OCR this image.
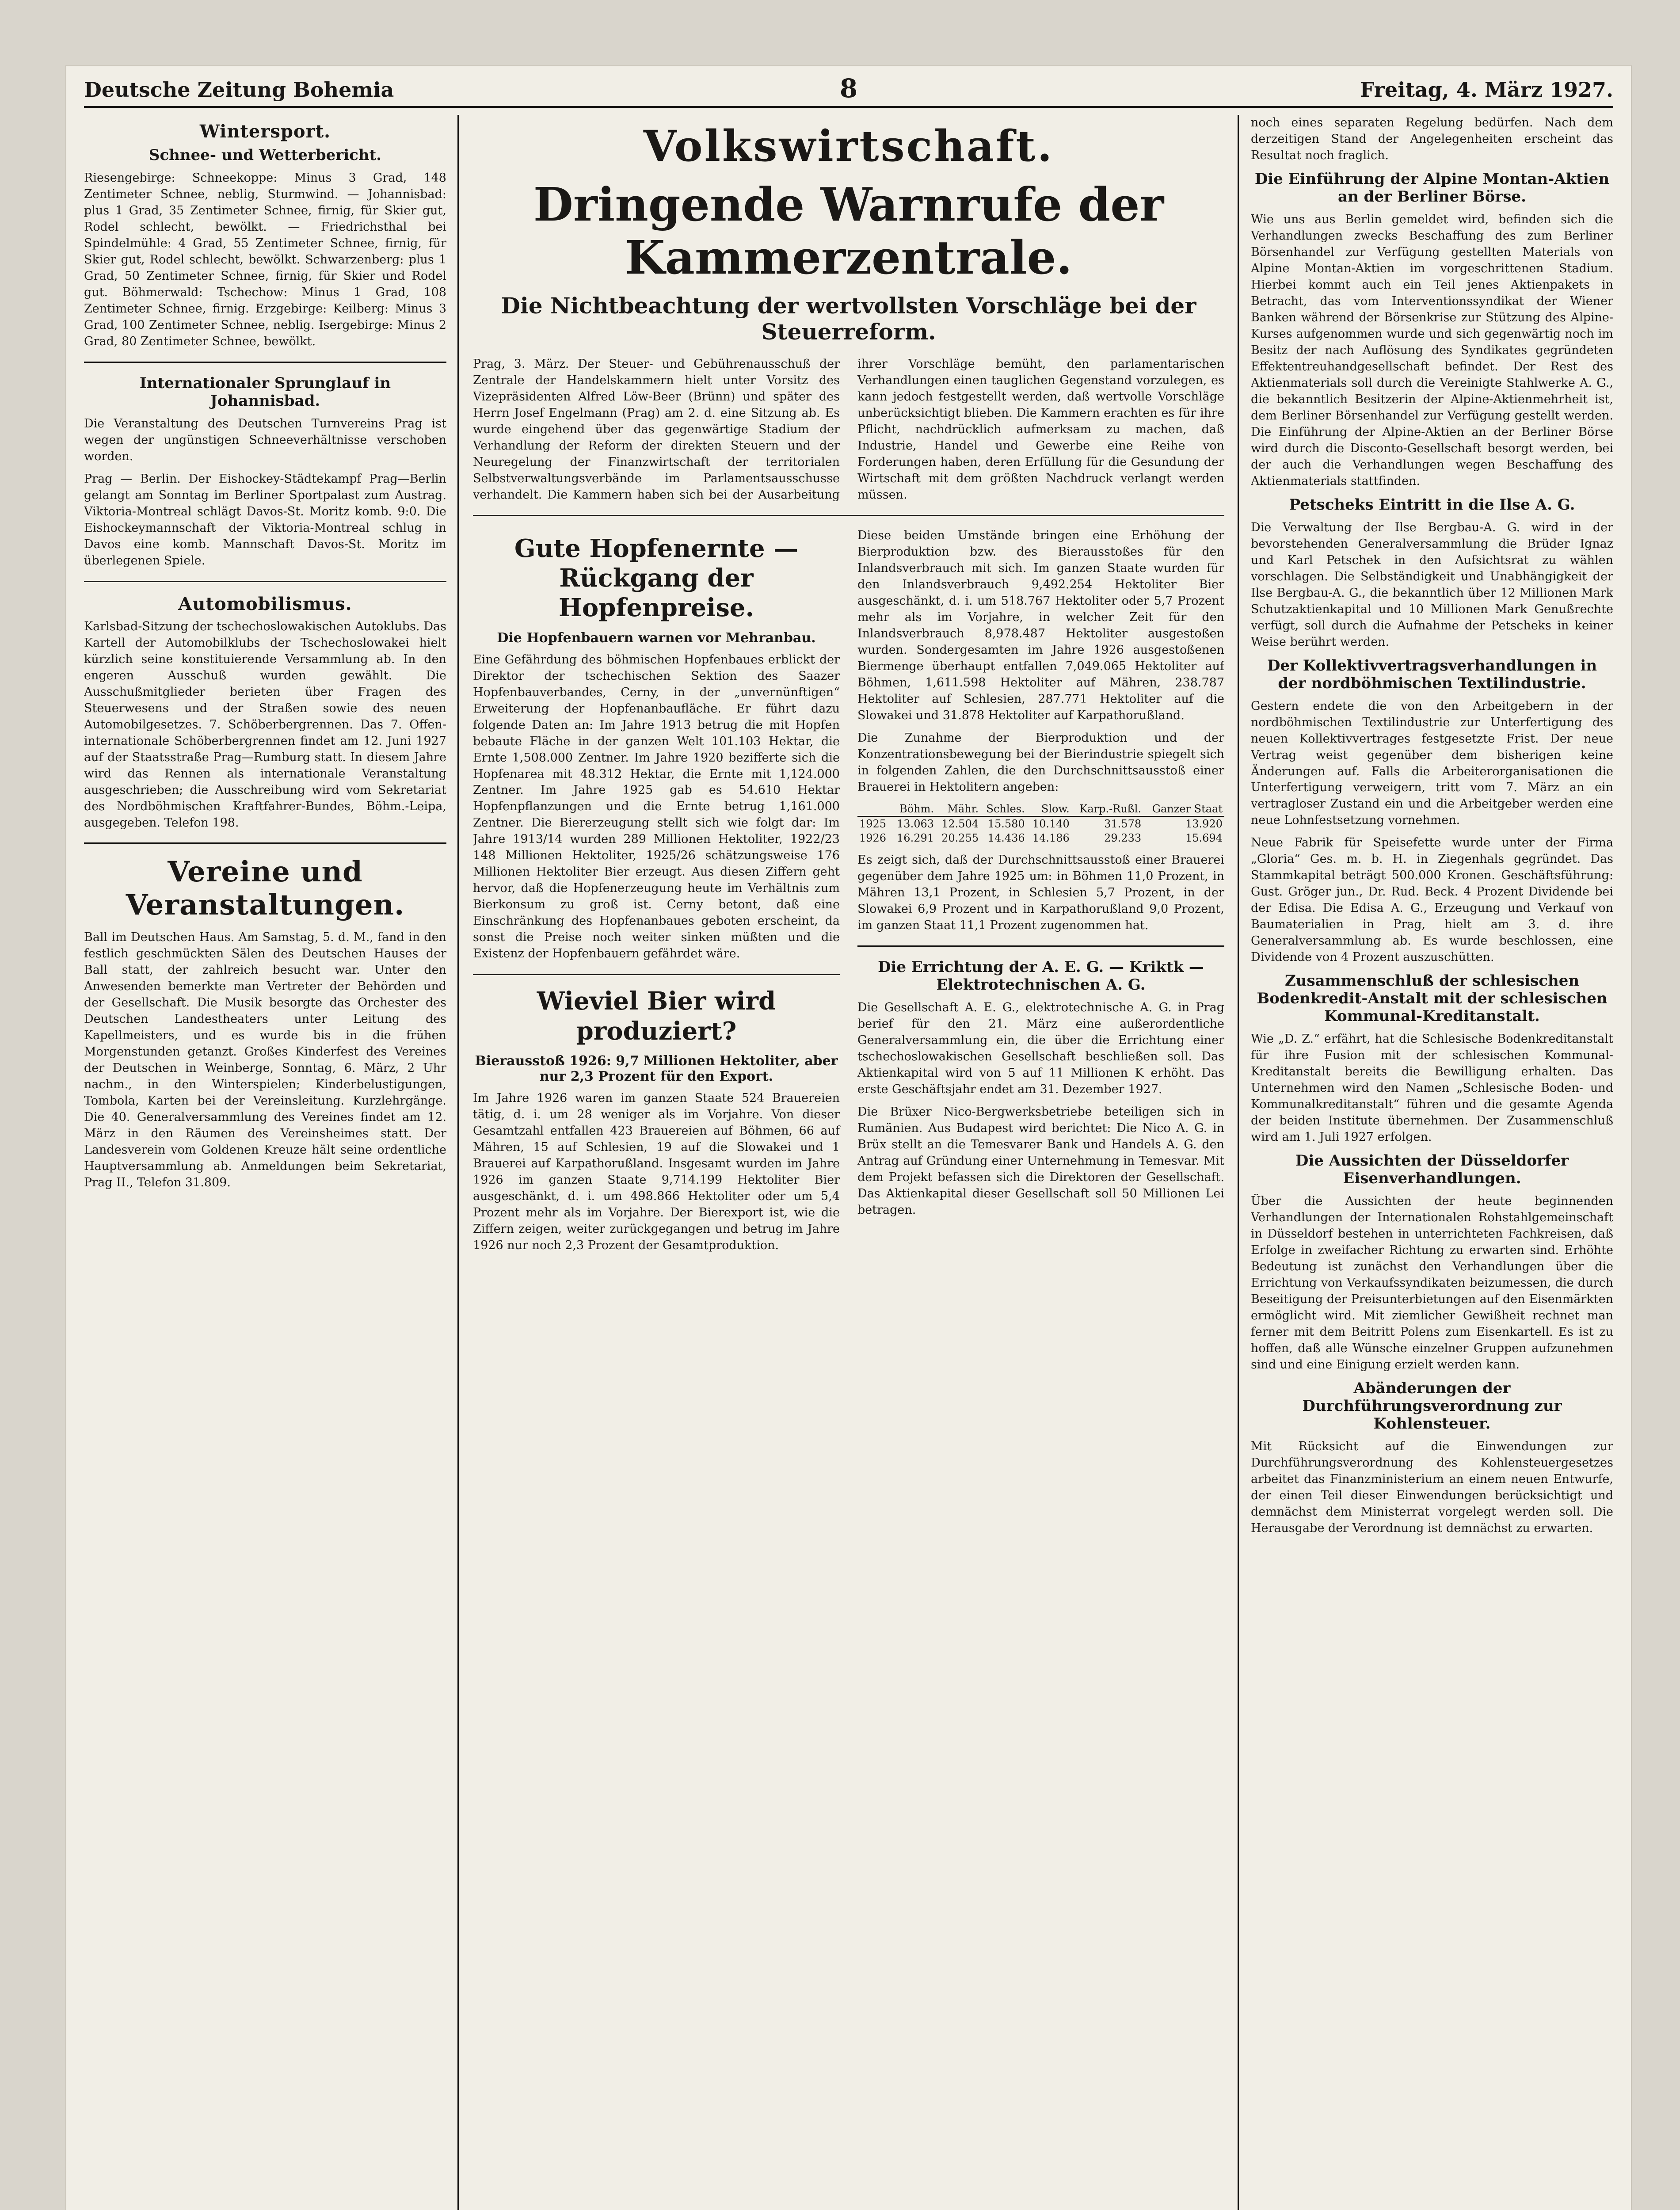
Deutsche Zeitung Bohemia	8	Freitag, 4. März 1927.
Wintersport.
Schnee- und Wetterbericht.

Riesengebirge: Schneekoppe: Minus 3 Grad, 148 Zentimeter Schnee, neblig, Sturmwind. — Johannisbad: plus 1 Grad, 35 Zentimeter Schnee, firnig, für Skier gut, Rodel schlecht, bewölkt. — Friedrichsthal bei Spindelmühle: 4 Grad, 55 Zentimeter Schnee, firnig, für Skier gut, Rodel schlecht, bewölkt. Schwarzenberg: plus 1 Grad, 50 Zentimeter Schnee, firnig, für Skier und Rodel gut. Böhmerwald: Tschechow: Minus 1 Grad, 108 Zentimeter Schnee, firnig. Erzgebirge: Keilberg: Minus 3 Grad, 100 Zentimeter Schnee, neblig. Isergebirge: Minus 2 Grad, 80 Zentimeter Schnee, bewölkt.

Internationaler Sprunglauf in Johannisbad.

Die Veranstaltung des Deutschen Turnvereins Prag ist wegen der ungünstigen Schneeverhältnisse verschoben worden.

Prag — Berlin. Der Eishockey-Städtekampf Prag—Berlin gelangt am Sonntag im Berliner Sportpalast zum Austrag. Viktoria-Montreal schlägt Davos-St. Moritz komb. 9:0. Die Eishockeymannschaft der Viktoria-Montreal schlug in Davos eine komb. Mannschaft Davos-St. Moritz im überlegenen Spiele.

Automobilismus.

Karlsbad-Sitzung der tschechoslowakischen Autoklubs. Das Kartell der Automobilklubs der Tschechoslowakei hielt kürzlich seine konstituierende Versammlung ab. In den engeren Ausschuß wurden gewählt. Die Ausschußmitglieder berieten über Fragen des Steuerwesens und der Straßen sowie des neuen Automobilgesetzes. 7. Schöberbergrennen. Das 7. Offen-internationale Schöberbergrennen findet am 12. Juni 1927 auf der Staatsstraße Prag—Rumburg statt. In diesem Jahre wird das Rennen als internationale Veranstaltung ausgeschrieben; die Ausschreibung wird vom Sekretariat des Nordböhmischen Kraftfahrer-Bundes, Böhm.-Leipa, ausgegeben. Telefon 198.

Vereine und Veranstaltungen.

Ball im Deutschen Haus. Am Samstag, 5. d. M., fand in den festlich geschmückten Sälen des Deutschen Hauses der Ball statt, der zahlreich besucht war. Unter den Anwesenden bemerkte man Vertreter der Behörden und der Gesellschaft. Die Musik besorgte das Orchester des Deutschen Landestheaters unter Leitung des Kapellmeisters, und es wurde bis in die frühen Morgenstunden getanzt. Großes Kinderfest des Vereines der Deutschen in Weinberge, Sonntag, 6. März, 2 Uhr nachm., in den Winterspielen; Kinderbelustigungen, Tombola, Karten bei der Vereinsleitung. Kurzlehrgänge. Die 40. Generalversammlung des Vereines findet am 12. März in den Räumen des Vereinsheimes statt. Der Landesverein vom Goldenen Kreuze hält seine ordentliche Hauptversammlung ab. Anmeldungen beim Sekretariat, Prag II., Telefon 31.809.

Volkswirtschaft.
Dringende Warnrufe der Kammerzentrale.
Die Nichtbeachtung der wertvollsten Vorschläge bei der Steuerreform.

Prag, 3. März. Der Steuer- und Gebührenausschuß der Zentrale der Handelskammern hielt unter Vorsitz des Vizepräsidenten Alfred Löw-Beer (Brünn) und später des Herrn Josef Engelmann (Prag) am 2. d. eine Sitzung ab. Es wurde eingehend über das gegenwärtige Stadium der Verhandlung der Reform der direkten Steuern und der Neuregelung der Finanzwirtschaft der territorialen Selbstverwaltungsverbände im Parlamentsausschusse verhandelt. Die Kammern haben sich bei der Ausarbeitung ihrer Vorschläge bemüht, den parlamentarischen Verhandlungen einen tauglichen Gegenstand vorzulegen, es kann jedoch festgestellt werden, daß wertvolle Vorschläge unberücksichtigt blieben. Die Kammern erachten es für ihre Pflicht, nachdrücklich aufmerksam zu machen, daß Industrie, Handel und Gewerbe eine Reihe von Forderungen haben, deren Erfüllung für die Gesundung der Wirtschaft mit dem größten Nachdruck verlangt werden müssen.

Gute Hopfenernte — Rückgang der Hopfenpreise.
Die Hopfenbauern warnen vor Mehranbau.

Eine Gefährdung des böhmischen Hopfenbaues erblickt der Direktor der tschechischen Sektion des Saazer Hopfenbauverbandes, Cerny, in der „unvernünftigen“ Erweiterung der Hopfenanbaufläche. Er führt dazu folgende Daten an: Im Jahre 1913 betrug die mit Hopfen bebaute Fläche in der ganzen Welt 101.103 Hektar, die Ernte 1,508.000 Zentner. Im Jahre 1920 bezifferte sich die Hopfenarea mit 48.312 Hektar, die Ernte mit 1,124.000 Zentner. Im Jahre 1925 gab es 54.610 Hektar Hopfenpflanzungen und die Ernte betrug 1,161.000 Zentner. Die Biererzeugung stellt sich wie folgt dar: Im Jahre 1913/14 wurden 289 Millionen Hektoliter, 1922/23 148 Millionen Hektoliter, 1925/26 schätzungsweise 176 Millionen Hektoliter Bier erzeugt. Aus diesen Ziffern geht hervor, daß die Hopfenerzeugung heute im Verhältnis zum Bierkonsum zu groß ist. Cerny betont, daß eine Einschränkung des Hopfenanbaues geboten erscheint, da sonst die Preise noch weiter sinken müßten und die Existenz der Hopfenbauern gefährdet wäre.

Wieviel Bier wird produziert?
Bierausstoß 1926: 9,7 Millionen Hektoliter, aber nur 2,3 Prozent für den Export.

Im Jahre 1926 waren im ganzen Staate 524 Brauereien tätig, d. i. um 28 weniger als im Vorjahre. Von dieser Gesamtzahl entfallen 423 Brauereien auf Böhmen, 66 auf Mähren, 15 auf Schlesien, 19 auf die Slowakei und 1 Brauerei auf Karpathorußland. Insgesamt wurden im Jahre 1926 im ganzen Staate 9,714.199 Hektoliter Bier ausgeschänkt, d. i. um 498.866 Hektoliter oder um 5,4 Prozent mehr als im Vorjahre. Der Bierexport ist, wie die Ziffern zeigen, weiter zurückgegangen und betrug im Jahre 1926 nur noch 2,3 Prozent der Gesamtproduktion.

Diese beiden Umstände bringen eine Erhöhung der Bierproduktion bzw. des Bierausstoßes für den Inlandsverbrauch mit sich. Im ganzen Staate wurden für den Inlandsverbrauch 9,492.254 Hektoliter Bier ausgeschänkt, d. i. um 518.767 Hektoliter oder 5,7 Prozent mehr als im Vorjahre, in welcher Zeit für den Inlandsverbrauch 8,978.487 Hektoliter ausgestoßen wurden. Sondergesamten im Jahre 1926 ausgestoßenen Biermenge überhaupt entfallen 7,049.065 Hektoliter auf Böhmen, 1,611.598 Hektoliter auf Mähren, 238.787 Hektoliter auf Schlesien, 287.771 Hektoliter auf die Slowakei und 31.878 Hektoliter auf Karpathorußland.

Die Zunahme der Bierproduktion und der Konzentrationsbewegung bei der Bierindustrie spiegelt sich in folgenden Zahlen, die den Durchschnittsausstoß einer Brauerei in Hektolitern angeben:

	Böhm.	Mähr.	Schles.	Slow.	Karp.-Rußl.	Ganzer Staat
1925	13.063	12.504	15.580	10.140	31.578	13.920
1926	16.291	20.255	14.436	14.186	29.233	15.694

Es zeigt sich, daß der Durchschnittsausstoß einer Brauerei gegenüber dem Jahre 1925 um: in Böhmen 11,0 Prozent, in Mähren 13,1 Prozent, in Schlesien 5,7 Prozent, in der Slowakei 6,9 Prozent und in Karpathorußland 9,0 Prozent, im ganzen Staat 11,1 Prozent zugenommen hat.

Die Errichtung der A. E. G. — Kriktk — Elektrotechnischen A. G.

Die Gesellschaft A. E. G., elektrotechnische A. G. in Prag berief für den 21. März eine außerordentliche Generalversammlung ein, die über die Errichtung einer tschechoslowakischen Gesellschaft beschließen soll. Das Aktienkapital wird von 5 auf 11 Millionen K erhöht. Das erste Geschäftsjahr endet am 31. Dezember 1927.

Die Brüxer Nico-Bergwerksbetriebe beteiligen sich in Rumänien. Aus Budapest wird berichtet: Die Nico A. G. in Brüx stellt an die Temesvarer Bank und Handels A. G. den Antrag auf Gründung einer Unternehmung in Temesvar. Mit dem Projekt befassen sich die Direktoren der Gesellschaft. Das Aktienkapital dieser Gesellschaft soll 50 Millionen Lei betragen.

noch eines separaten Regelung bedürfen. Nach dem derzeitigen Stand der Angelegenheiten erscheint das Resultat noch fraglich.

Die Einführung der Alpine Montan-Aktien an der Berliner Börse.

Wie uns aus Berlin gemeldet wird, befinden sich die Verhandlungen zwecks Beschaffung des zum Berliner Börsenhandel zur Verfügung gestellten Materials von Alpine Montan-Aktien im vorgeschrittenen Stadium. Hierbei kommt auch ein Teil jenes Aktienpakets in Betracht, das vom Interventionssyndikat der Wiener Banken während der Börsenkrise zur Stützung des Alpine-Kurses aufgenommen wurde und sich gegenwärtig noch im Besitz der nach Auflösung des Syndikates gegründeten Effektentreuhandgesellschaft befindet. Der Rest des Aktienmaterials soll durch die Vereinigte Stahlwerke A. G., die bekanntlich Besitzerin der Alpine-Aktienmehrheit ist, dem Berliner Börsenhandel zur Verfügung gestellt werden. Die Einführung der Alpine-Aktien an der Berliner Börse wird durch die Disconto-Gesellschaft besorgt werden, bei der auch die Verhandlungen wegen Beschaffung des Aktienmaterials stattfinden.

Petscheks Eintritt in die Ilse A. G.

Die Verwaltung der Ilse Bergbau-A. G. wird in der bevorstehenden Generalversammlung die Brüder Ignaz und Karl Petschek in den Aufsichtsrat zu wählen vorschlagen. Die Selbständigkeit und Unabhängigkeit der Ilse Bergbau-A. G., die bekanntlich über 12 Millionen Mark Schutzaktienkapital und 10 Millionen Mark Genußrechte verfügt, soll durch die Aufnahme der Petscheks in keiner Weise berührt werden.

Der Kollektivvertragsverhandlungen in der nordböhmischen Textilindustrie.

Gestern endete die von den Arbeitgebern in der nordböhmischen Textilindustrie zur Unterfertigung des neuen Kollektivvertrages festgesetzte Frist. Der neue Vertrag weist gegenüber dem bisherigen keine Änderungen auf. Falls die Arbeiterorganisationen die Unterfertigung verweigern, tritt vom 7. März an ein vertragloser Zustand ein und die Arbeitgeber werden eine neue Lohnfestsetzung vornehmen.

Neue Fabrik für Speisefette wurde unter der Firma „Gloria“ Ges. m. b. H. in Ziegenhals gegründet. Das Stammkapital beträgt 500.000 Kronen. Geschäftsführung: Gust. Gröger jun., Dr. Rud. Beck. 4 Prozent Dividende bei der Edisa. Die Edisa A. G., Erzeugung und Verkauf von Baumaterialien in Prag, hielt am 3. d. ihre Generalversammlung ab. Es wurde beschlossen, eine Dividende von 4 Prozent auszuschütten.

Zusammenschluß der schlesischen Bodenkredit-Anstalt mit der schlesischen Kommunal-Kreditanstalt.

Wie „D. Z.“ erfährt, hat die Schlesische Bodenkreditanstalt für ihre Fusion mit der schlesischen Kommunal-Kreditanstalt bereits die Bewilligung erhalten. Das Unternehmen wird den Namen „Schlesische Boden- und Kommunalkreditanstalt“ führen und die gesamte Agenda der beiden Institute übernehmen. Der Zusammenschluß wird am 1. Juli 1927 erfolgen.

Die Aussichten der Düsseldorfer Eisenverhandlungen.

Über die Aussichten der heute beginnenden Verhandlungen der Internationalen Rohstahlgemeinschaft in Düsseldorf bestehen in unterrichteten Fachkreisen, daß Erfolge in zweifacher Richtung zu erwarten sind. Erhöhte Bedeutung ist zunächst den Verhandlungen über die Errichtung von Verkaufssyndikaten beizumessen, die durch Beseitigung der Preisunterbietungen auf den Eisenmärkten ermöglicht wird. Mit ziemlicher Gewißheit rechnet man ferner mit dem Beitritt Polens zum Eisenkartell. Es ist zu hoffen, daß alle Wünsche einzelner Gruppen aufzunehmen sind und eine Einigung erzielt werden kann.

Abänderungen der Durchführungsverordnung zur Kohlensteuer.

Mit Rücksicht auf die Einwendungen zur Durchführungsverordnung des Kohlensteuergesetzes arbeitet das Finanzministerium an einem neuen Entwurfe, der einen Teil dieser Einwendungen berücksichtigt und demnächst dem Ministerrat vorgelegt werden soll. Die Herausgabe der Verordnung ist demnächst zu erwarten.
